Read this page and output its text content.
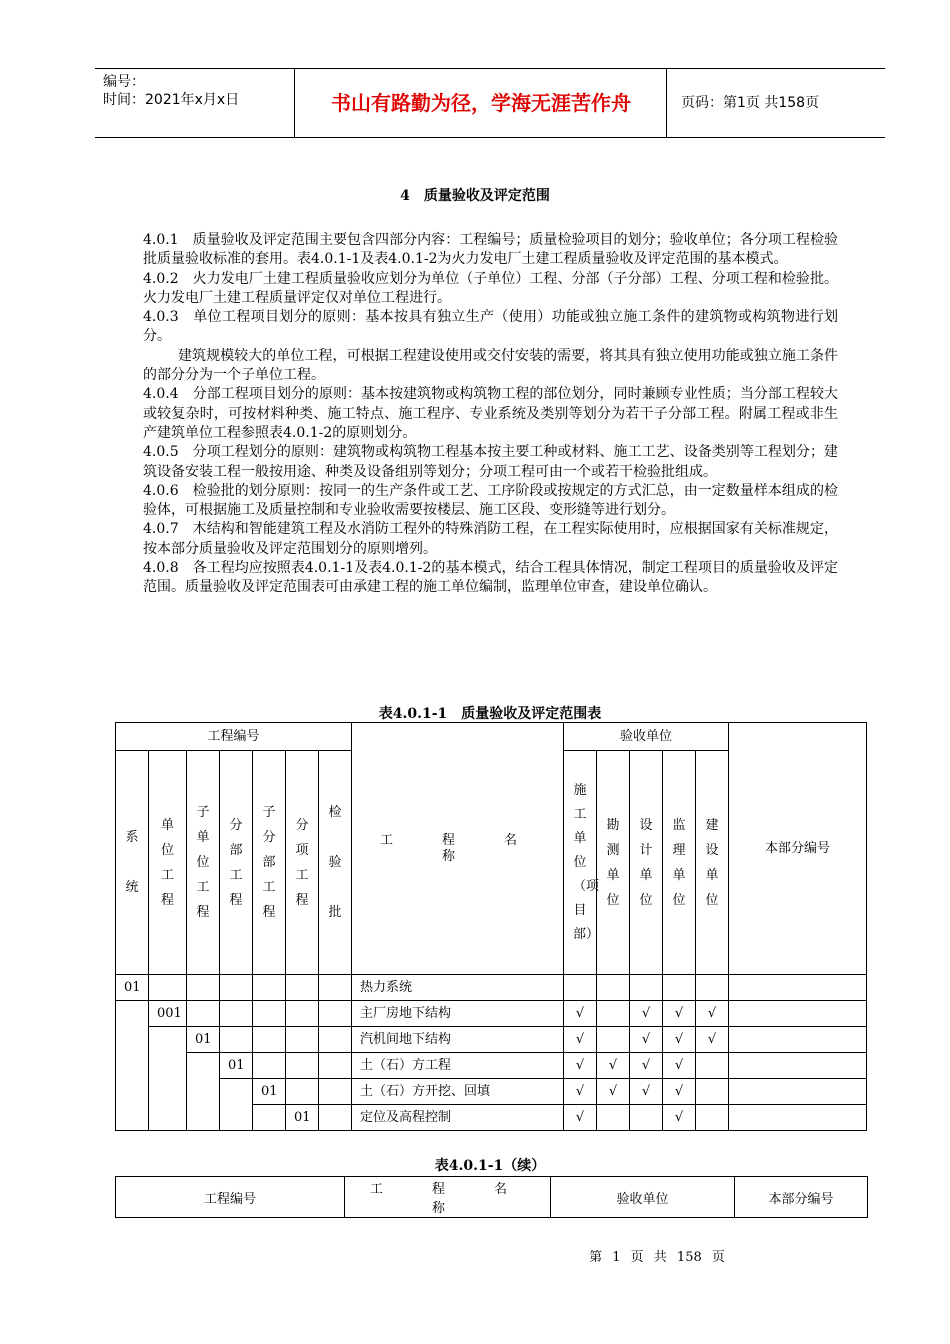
编号：
时间：2021年x月x日	书山有路勤为径，学海无涯苦作舟	页码：第1页 共158页
4　质量验收及评定范围

4.0.1　质量验收及评定范围主要包含四部分内容：工程编号；质量检验项目的划分；验收单位；各分项工程检验批质量验收标准的套用。表4.0.1-1及表4.0.1-2为火力发电厂土建工程质量验收及评定范围的基本模式。

4.0.2　火力发电厂土建工程质量验收应划分为单位（子单位）工程、分部（子分部）工程、分项工程和检验批。火力发电厂土建工程质量评定仅对单位工程进行。

4.0.3　单位工程项目划分的原则：基本按具有独立生产（使用）功能或独立施工条件的建筑物或构筑物进行划分。

建筑规模较大的单位工程，可根据工程建设使用或交付安装的需要，将其具有独立使用功能或独立施工条件的部分分为一个子单位工程。

4.0.4　分部工程项目划分的原则：基本按建筑物或构筑物工程的部位划分，同时兼顾专业性质；当分部工程较大或较复杂时，可按材料种类、施工特点、施工程序、专业系统及类别等划分为若干子分部工程。附属工程或非生产建筑单位工程参照表4.0.1-2的原则划分。

4.0.5　分项工程划分的原则：建筑物或构筑物工程基本按主要工种或材料、施工工艺、设备类别等工程划分；建筑设备安装工程一般按用途、种类及设备组别等划分；分项工程可由一个或若干检验批组成。

4.0.6　检验批的划分原则：按同一的生产条件或工艺、工序阶段或按规定的方式汇总，由一定数量样本组成的检验体，可根据施工及质量控制和专业验收需要按楼层、施工区段、变形缝等进行划分。

4.0.7　木结构和智能建筑工程及水消防工程外的特殊消防工程，在工程实际使用时，应根据国家有关标准规定，按本部分质量验收及评定范围划分的原则增列。

4.0.8　各工程均应按照表4.0.1-1及表4.0.1-2的基本模式，结合工程具体情况，制定工程项目的质量验收及评定范围。质量验收及评定范围表可由承建工程的施工单位编制，监理单位审查，建设单位确认。

表4.0.1-1　质量验收及评定范围表
工程编号							工　程　名　称	验收单位					本部分编号
系统	单位工程	子单位工程	分部工程	子分部工程	分项工程	检验批		施工单位（项目部）	勘测单位	设计单位	监理单位	建设单位	
01							热力系统						
	001						主厂房地下结构	√		√	√	√	
		01					汽机间地下结构	√		√	√	√	
			01				土（石）方工程	√	√	√	√		
				01			土（石）方开挖、回填	√	√	√	√		
					01		定位及高程控制	√			√		
表4.0.1-1（续）
工程编号	工　程　名　称	验收单位	本部分编号
第 1 页 共 158 页
